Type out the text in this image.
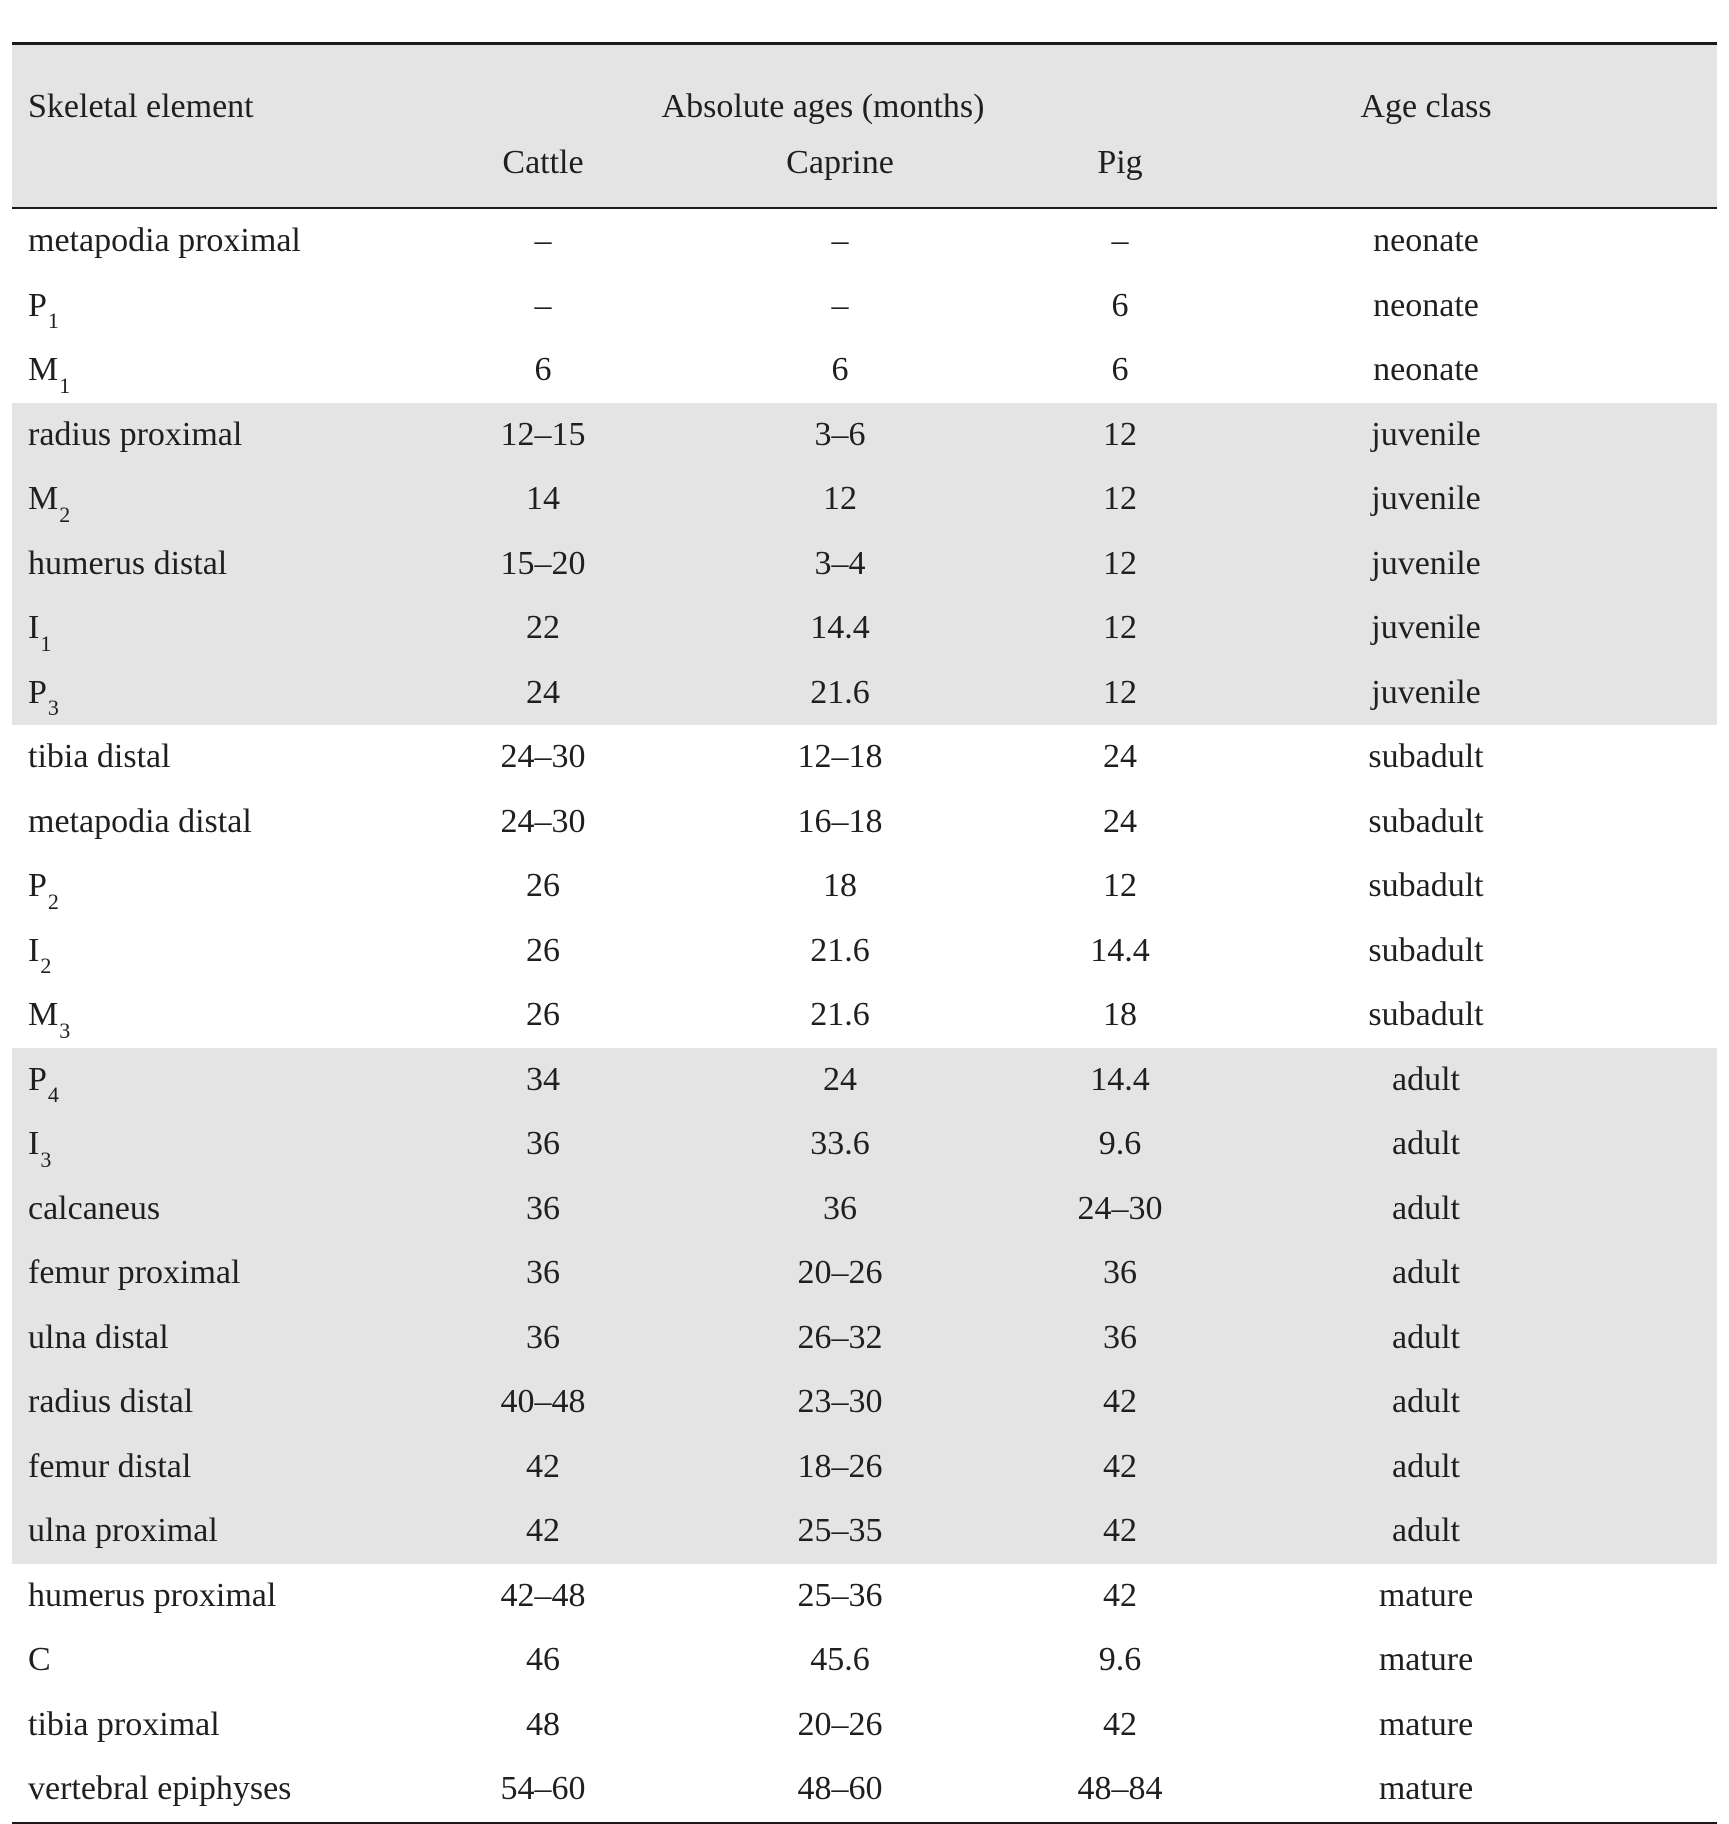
Skeletal element	Absolute ages (months)			Age class
	Cattle	Caprine	Pig	
metapodia proximal	–	–	–	neonate
$P_1$	–	–	6	neonate
$M_1$	6	6	6	neonate
radius proximal	12–15	3–6	12	juvenile
$M_2$	14	12	12	juvenile
humerus distal	15–20	3–4	12	juvenile
$I_1$	22	14.4	12	juvenile
$P_3$	24	21.6	12	juvenile
tibia distal	24–30	12–18	24	subadult
metapodia distal	24–30	16–18	24	subadult
$P_2$	26	18	12	subadult
$I_2$	26	21.6	14.4	subadult
$M_3$	26	21.6	18	subadult
$P_4$	34	24	14.4	adult
$I_3$	36	33.6	9.6	adult
calcaneus	36	36	24–30	adult
femur proximal	36	20–26	36	adult
ulna distal	36	26–32	36	adult
radius distal	40–48	23–30	42	adult
femur distal	42	18–26	42	adult
ulna proximal	42	25–35	42	adult
humerus proximal	42–48	25–36	42	mature
C	46	45.6	9.6	mature
tibia proximal	48	20–26	42	mature
vertebral epiphyses	54–60	48–60	48–84	mature
